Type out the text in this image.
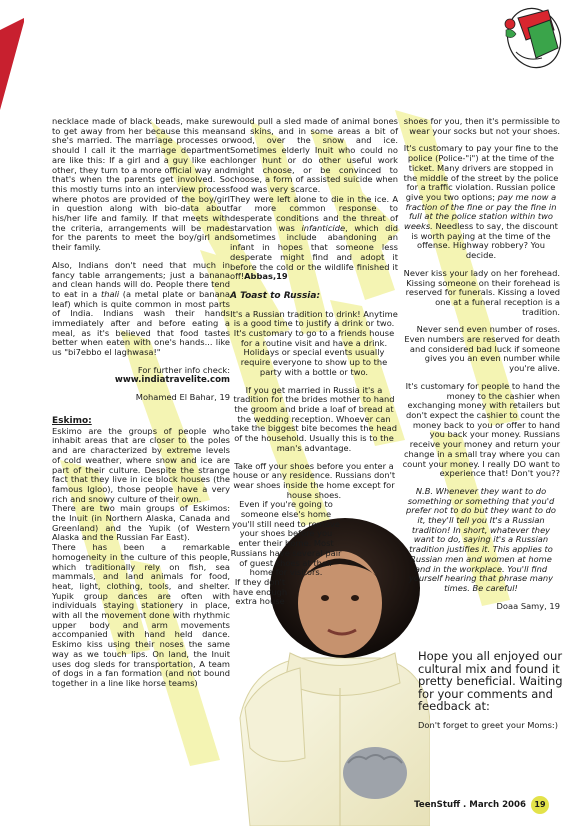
necklace made of black beads, make sure to get away from her because this means she's married. The marriage processes or should I call it the marriage department are like this: If a girl and a guy like each other, they turn to a more official way and that's when the parents get involved. So this mostly turns into an interview process where photos are provided of the boy/girl in question along with bio-data about his/her life and family. If that meets with the criteria, arrangements will be made for the parents to meet the boy/girl and their family.

Also, Indians don't need that much in fancy table arrangements; just a banana and clean hands will do. People there tend to eat in a thali (a metal plate or banana leaf) which is quite common in most parts of India. Indians wash their hands immediately after and before eating a meal, as it's believed that food tastes better when eaten with one's hands... like us "bi7ebbo el laghwasa!"

For further info check:

www.indiatravelite.com

Mohamed El Bahar, 19

Eskimo:

Eskimo are the groups of people who inhabit areas that are closer to the poles and are characterized by extreme levels of cold weather, where snow and ice are part of their culture. Despite the strange fact that they live in ice block houses (the famous Igloo), those people have a very rich and snowy culture of their own.

There are two main groups of Eskimos: the Inuit (in Northern Alaska, Canada and Greenland) and the Yupik (of Western Alaska and the Russian Far East).

There has been a remarkable homogeneity in the culture of this people, which traditionally rely on fish, sea mammals, and land animals for food, heat, light, clothing, tools, and shelter. Yupik group dances are often with individuals staying stationery in place, with all the movement done with rhythmic upper body and arm movements accompanied with hand held dance. Eskimo kiss using their noses the same way as we touch lips. On land, the Inuit uses dog sleds for transportation, A team of dogs in a fan formation (and not bound together in a line like horse teams)

would pull a sled made of animal bones and skins, and in some areas a bit of wood, over the snow and ice. Sometimes elderly Inuit who could no longer hunt or do other useful work might choose, or be convinced to choose, a form of assisted suicide when food was very scarce.

They were left alone to die in the ice. A far more common response to desperate conditions and the threat of starvation was infanticide, which did sometimes include abandoning an infant in hopes that someone less desperate might find and adopt it before the cold or the wildlife finished it off!Abbas,19

A Toast to Russia:

It's a Russian tradition to drink! Anytime is a good time to justify a drink or two. It's customary to go to a friends house for a routine visit and have a drink. Holidays or special events usually require everyone to show up to the party with a bottle or two.

If you get married in Russia it's a tradition for the brides mother to hand the groom and bride a loaf of bread at the wedding reception. Whoever can take the biggest bite becomes the head of the household. Usually this is to the man's advantage.

Take off your shoes before you enter a house or any residence. Russians don't wear shoes inside the home except for house shoes.

Even if you're going to someone else's home you'll still need to remove your shoes before you enter their home. Most Russians have several pair of guest shoes at their home for visitors.

If they don't have enough extra house

shoes for you, then it's permissible to wear your socks but not your shoes.

It's customary to pay your fine to the police (Police-"i") at the time of the ticket. Many drivers are stopped in the middle of the street by the police for a traffic violation. Russian police give you two options; pay me now a fraction of the fine or pay the fine in full at the police station within two weeks. Needless to say, the discount is worth paying at the time of the offense. Highway robbery? You decide.

Never kiss your lady on her forehead. Kissing someone on their forehead is reserved for funerals. Kissing a loved one at a funeral reception is a tradition.

Never send even number of roses. Even numbers are reserved for death and considered bad luck if someone gives you an even number while you're alive.

It's customary for people to hand the money to the cashier when exchanging money with retailers but don't expect the cashier to count the money back to you or offer to hand you back your money. Russians receive your money and return your change in a small tray where you can count your money. I really DO want to experience that! Don't you??

N.B. Whenever they want to do something or something that you'd prefer not to do but they want to do it, they'll tell you It's a Russian tradition! In short, whatever they want to do, saying it's a Russian tradition justifies it. This applies to Russian men and women at home and in the workplace. You'll find yourself hearing that phrase many times. Be careful!

Doaa Samy, 19

Hope you all enjoyed our cultural mix and found it pretty beneficial. Waiting for your comments and feedback at:
Don't forget to greet your Moms:)
TeenStuff . March 2006	19
